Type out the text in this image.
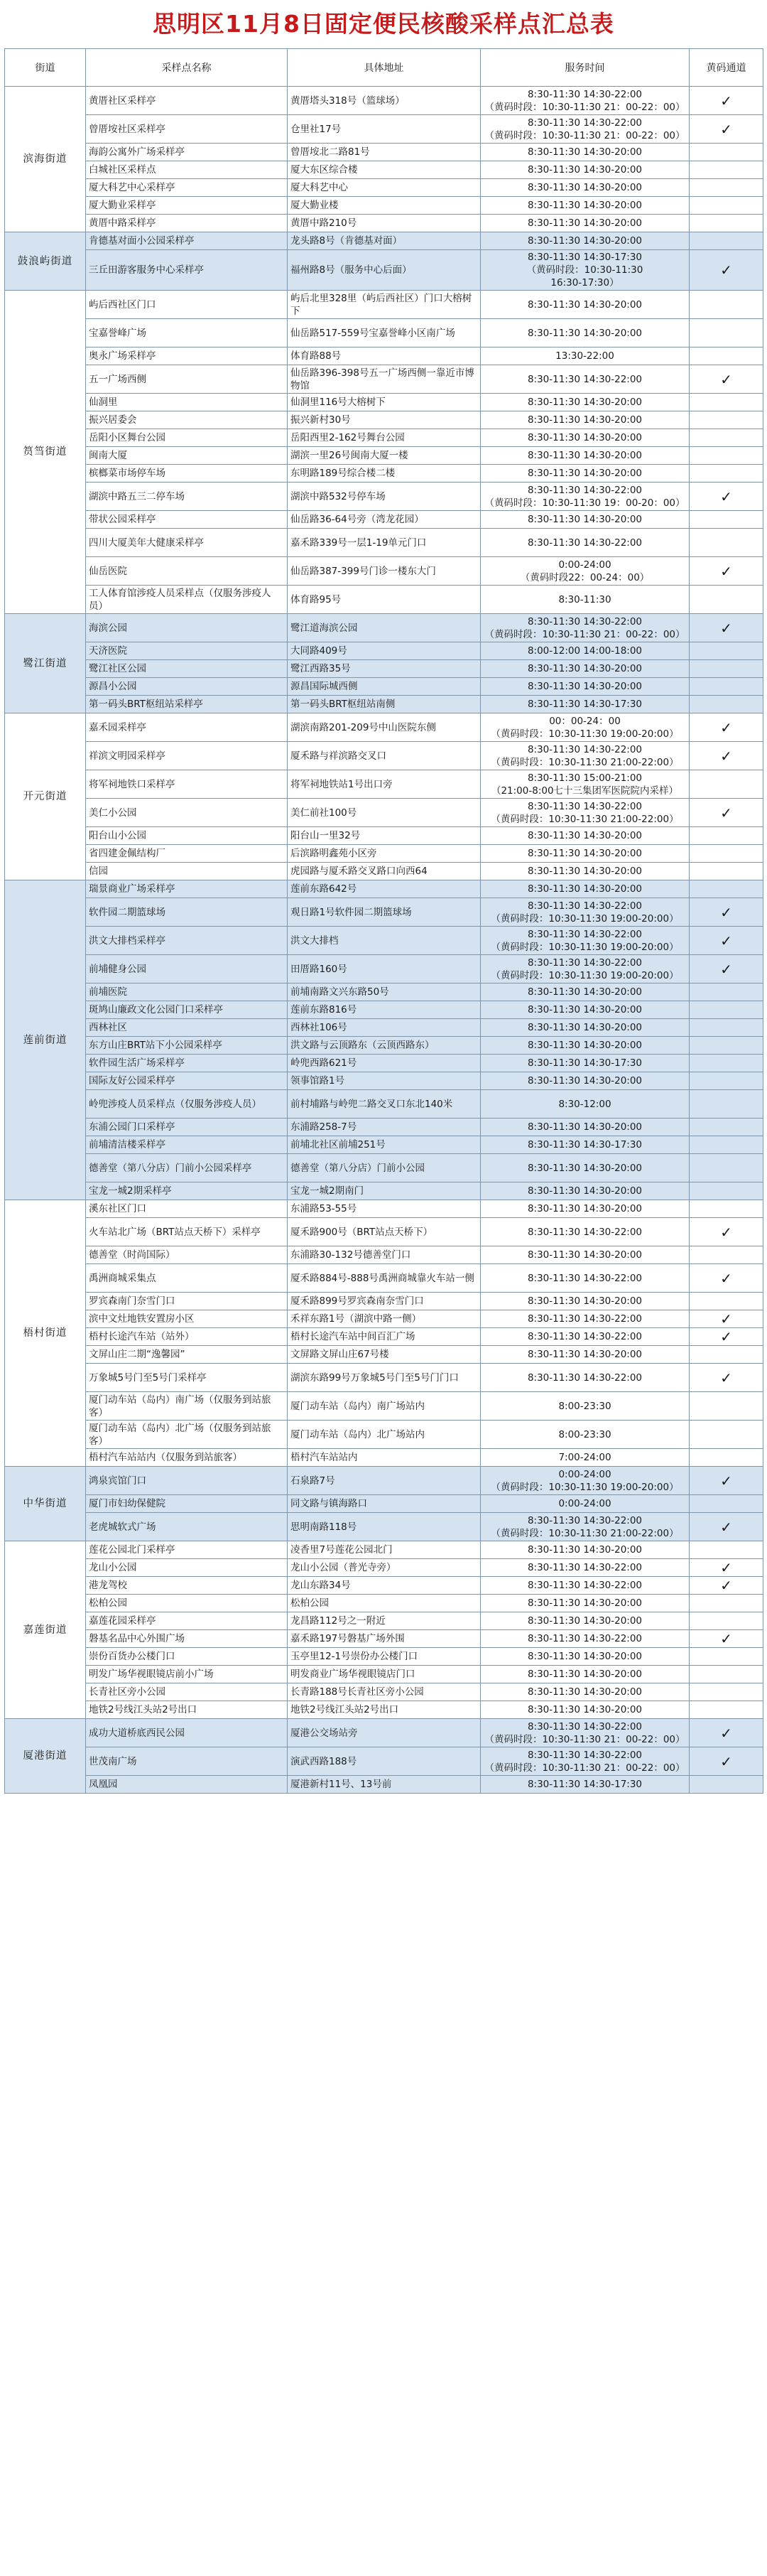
思明区11月8日固定便民核酸采样点汇总表
街道	采样点名称	具体地址	服务时间	黄码通道
滨海街道	黄厝社区采样亭	黄厝塔头318号（篮球场）	8:30-11:30 14:30-22:00
（黄码时段：10:30-11:30 21：00-22：00）	✓
	曾厝垵社区采样亭	仓里社17号	8:30-11:30 14:30-22:00
（黄码时段：10:30-11:30 21：00-22：00）	✓
	海韵公寓外广场采样亭	曾厝垵北二路81号	8:30-11:30 14:30-20:00	

	白城社区采样点	厦大东区综合楼	8:30-11:30 14:30-20:00	

	厦大科艺中心采样亭	厦大科艺中心	8:30-11:30 14:30-20:00	

	厦大勤业采样亭	厦大勤业楼	8:30-11:30 14:30-20:00	

	黄厝中路采样亭	黄厝中路210号	8:30-11:30 14:30-20:00	

鼓浪屿街道	肯德基对面小公园采样亭	龙头路8号（肯德基对面）	8:30-11:30 14:30-20:00	

	三丘田游客服务中心采样亭	福州路8号（服务中心后面）	8:30-11:30 14:30-17:30
（黄码时段：10:30-11:30
16:30-17:30）	✓
筼筜街道	屿后西社区门口	屿后北里328里（屿后西社区）门口大榕树下	8:30-11:30 14:30-20:00	

	宝嘉誉峰广场	仙岳路517-559号宝嘉誉峰小区南广场	8:30-11:30 14:30-20:00	

	奥永广场采样亭	体育路88号	13:30-22:00	

	五一广场西侧	仙岳路396-398号五一广场西侧一靠近市博物馆	8:30-11:30 14:30-22:00	✓
	仙洞里	仙洞里116号大榕树下	8:30-11:30 14:30-20:00	

	振兴居委会	振兴新村30号	8:30-11:30 14:30-20:00	

	岳阳小区舞台公园	岳阳西里2-162号舞台公园	8:30-11:30 14:30-20:00	

	闽南大厦	湖滨一里26号闽南大厦一楼	8:30-11:30 14:30-20:00	

	槟榔菜市场停车场	东明路189号综合楼二楼	8:30-11:30 14:30-20:00	

	湖滨中路五三二停车场	湖滨中路532号停车场	8:30-11:30 14:30-22:00
（黄码时段：10:30-11:30 19：00-20：00）	✓
	带状公园采样亭	仙岳路36-64号旁（湾龙花园）	8:30-11:30 14:30-20:00	

	四川大厦美年大健康采样亭	嘉禾路339号一层1-19单元门口	8:30-11:30 14:30-22:00	

	仙岳医院	仙岳路387-399号门诊一楼东大门	0:00-24:00
（黄码时段22：00-24：00）	✓
	工人体育馆涉疫人员采样点（仅服务涉疫人员）	体育路95号	8:30-11:30	

鹭江街道	海滨公园	鹭江道海滨公园	8:30-11:30 14:30-22:00
（黄码时段：10:30-11:30 21：00-22：00）	✓
	天济医院	大同路409号	8:00-12:00 14:00-18:00	

	鹭江社区公园	鹭江西路35号	8:30-11:30 14:30-20:00	

	源昌小公园	源昌国际城西侧	8:30-11:30 14:30-20:00	

	第一码头BRT枢纽站采样亭	第一码头BRT枢纽站南侧	8:30-11:30 14:30-17:30	

开元街道	嘉禾园采样亭	湖滨南路201-209号中山医院东侧	00：00-24：00
（黄码时段：10:30-11:30 19:00-20:00）	✓
	祥滨文明园采样亭	厦禾路与祥滨路交叉口	8:30-11:30 14:30-22:00
（黄码时段：10:30-11:30 21:00-22:00）	✓
	将军祠地铁口采样亭	将军祠地铁站1号出口旁	8:30-11:30 15:00-21:00
（21:00-8:00七十三集团军医院院内采样）	

	美仁小公园	美仁前社100号	8:30-11:30 14:30-22:00
（黄码时段：10:30-11:30 21:00-22:00）	✓
	阳台山小公园	阳台山一里32号	8:30-11:30 14:30-20:00	

	省四建金佩结构厂	后滨路明鑫苑小区旁	8:30-11:30 14:30-20:00	

	信园	虎园路与厦禾路交叉路口向西64	8:30-11:30 14:30-20:00	

莲前街道	瑞景商业广场采样亭	莲前东路642号	8:30-11:30 14:30-20:00	

	软件园二期篮球场	观日路1号软件园二期篮球场	8:30-11:30 14:30-22:00
（黄码时段：10:30-11:30 19:00-20:00）	✓
	洪文大排档采样亭	洪文大排档	8:30-11:30 14:30-22:00
（黄码时段：10:30-11:30 19:00-20:00）	✓
	前埔健身公园	田厝路160号	8:30-11:30 14:30-22:00
（黄码时段：10:30-11:30 19:00-20:00）	✓
	前埔医院	前埔南路文兴东路50号	8:30-11:30 14:30-20:00	

	斑鸠山廉政文化公园门口采样亭	莲前东路816号	8:30-11:30 14:30-20:00	

	西林社区	西林社106号	8:30-11:30 14:30-20:00	

	东方山庄BRT站下小公园采样亭	洪文路与云顶路东（云顶西路东）	8:30-11:30 14:30-20:00	

	软件园生活广场采样亭	岭兜西路621号	8:30-11:30 14:30-17:30	

	国际友好公园采样亭	领事馆路1号	8:30-11:30 14:30-20:00	

	岭兜涉疫人员采样点（仅服务涉疫人员）	前村埔路与岭兜二路交叉口东北140米	8:30-12:00	

	东浦公园门口采样亭	东浦路258-7号	8:30-11:30 14:30-20:00	

	前埔清洁楼采样亭	前埔北社区前埔251号	8:30-11:30 14:30-17:30	

	德善堂（第八分店）门前小公园采样亭	德善堂（第八分店）门前小公园	8:30-11:30 14:30-20:00	

	宝龙一城2期采样亭	宝龙一城2期南门	8:30-11:30 14:30-20:00	

梧村街道	溪东社区门口	东浦路53-55号	8:30-11:30 14:30-20:00	

	火车站北广场（BRT站点天桥下）采样亭	厦禾路900号（BRT站点天桥下）	8:30-11:30 14:30-22:00	✓
	德善堂（时尚国际）	东浦路30-132号德善堂门口	8:30-11:30 14:30-20:00	

	禹洲商城采集点	厦禾路884号-888号禹洲商城靠火车站一侧	8:30-11:30 14:30-22:00	✓
	罗宾森南门奈雪门口	厦禾路899号罗宾森南奈雪门口	8:30-11:30 14:30-20:00	

	滨中文灶地铁安置房小区	禾祥东路1号（湖滨中路一侧）	8:30-11:30 14:30-22:00	✓
	梧村长途汽车站（站外）	梧村长途汽车站中间百汇广场	8:30-11:30 14:30-22:00	✓
	文屏山庄二期“逸馨园”	文屏路文屏山庄67号楼	8:30-11:30 14:30-20:00	

	万象城5号门至5号门采样亭	湖滨东路99号万象城5号门至5号门门口	8:30-11:30 14:30-22:00	✓
	厦门动车站（岛内）南广场（仅服务到站旅客）	厦门动车站（岛内）南广场站内	8:00-23:30	

	厦门动车站（岛内）北广场（仅服务到站旅客）	厦门动车站（岛内）北广场站内	8:00-23:30	

	梧村汽车站站内（仅服务到站旅客）	梧村汽车站站内	7:00-24:00	

中华街道	鸿泉宾馆门口	石泉路7号	0:00-24:00
（黄码时段：10:30-11:30 19:00-20:00）	✓
	厦门市妇幼保健院	同文路与镇海路口	0:00-24:00	

	老虎城软式广场	思明南路118号	8:30-11:30 14:30-22:00
（黄码时段：10:30-11:30 21:00-22:00）	✓
嘉莲街道	莲花公园北门采样亭	凌香里7号莲花公园北门	8:30-11:30 14:30-20:00	

	龙山小公园	龙山小公园（普光寺旁）	8:30-11:30 14:30-22:00	✓
	港龙驾校	龙山东路34号	8:30-11:30 14:30-22:00	✓
	松柏公园	松柏公园	8:30-11:30 14:30-20:00	

	嘉莲花园采样亭	龙昌路112号之一附近	8:30-11:30 14:30-20:00	

	磐基名品中心外围广场	嘉禾路197号磐基广场外围	8:30-11:30 14:30-22:00	✓
	崇份百货办公楼门口	玉亭里12-1号崇份办公楼门口	8:30-11:30 14:30-20:00	

	明发广场华视眼镜店前小广场	明发商业广场华视眼镜店门口	8:30-11:30 14:30-20:00	

	长青社区旁小公园	长青路188号长青社区旁小公园	8:30-11:30 14:30-20:00	

	地铁2号线江头站2号出口	地铁2号线江头站2号出口	8:30-11:30 14:30-20:00	

厦港街道	成功大道桥底西民公园	厦港公交场站旁	8:30-11:30 14:30-22:00
（黄码时段：10:30-11:30 21：00-22：00）	✓
	世茂南广场	演武西路188号	8:30-11:30 14:30-22:00
（黄码时段：10:30-11:30 21：00-22：00）	✓
	凤凰园	厦港新村11号、13号前	8:30-11:30 14:30-17:30	
